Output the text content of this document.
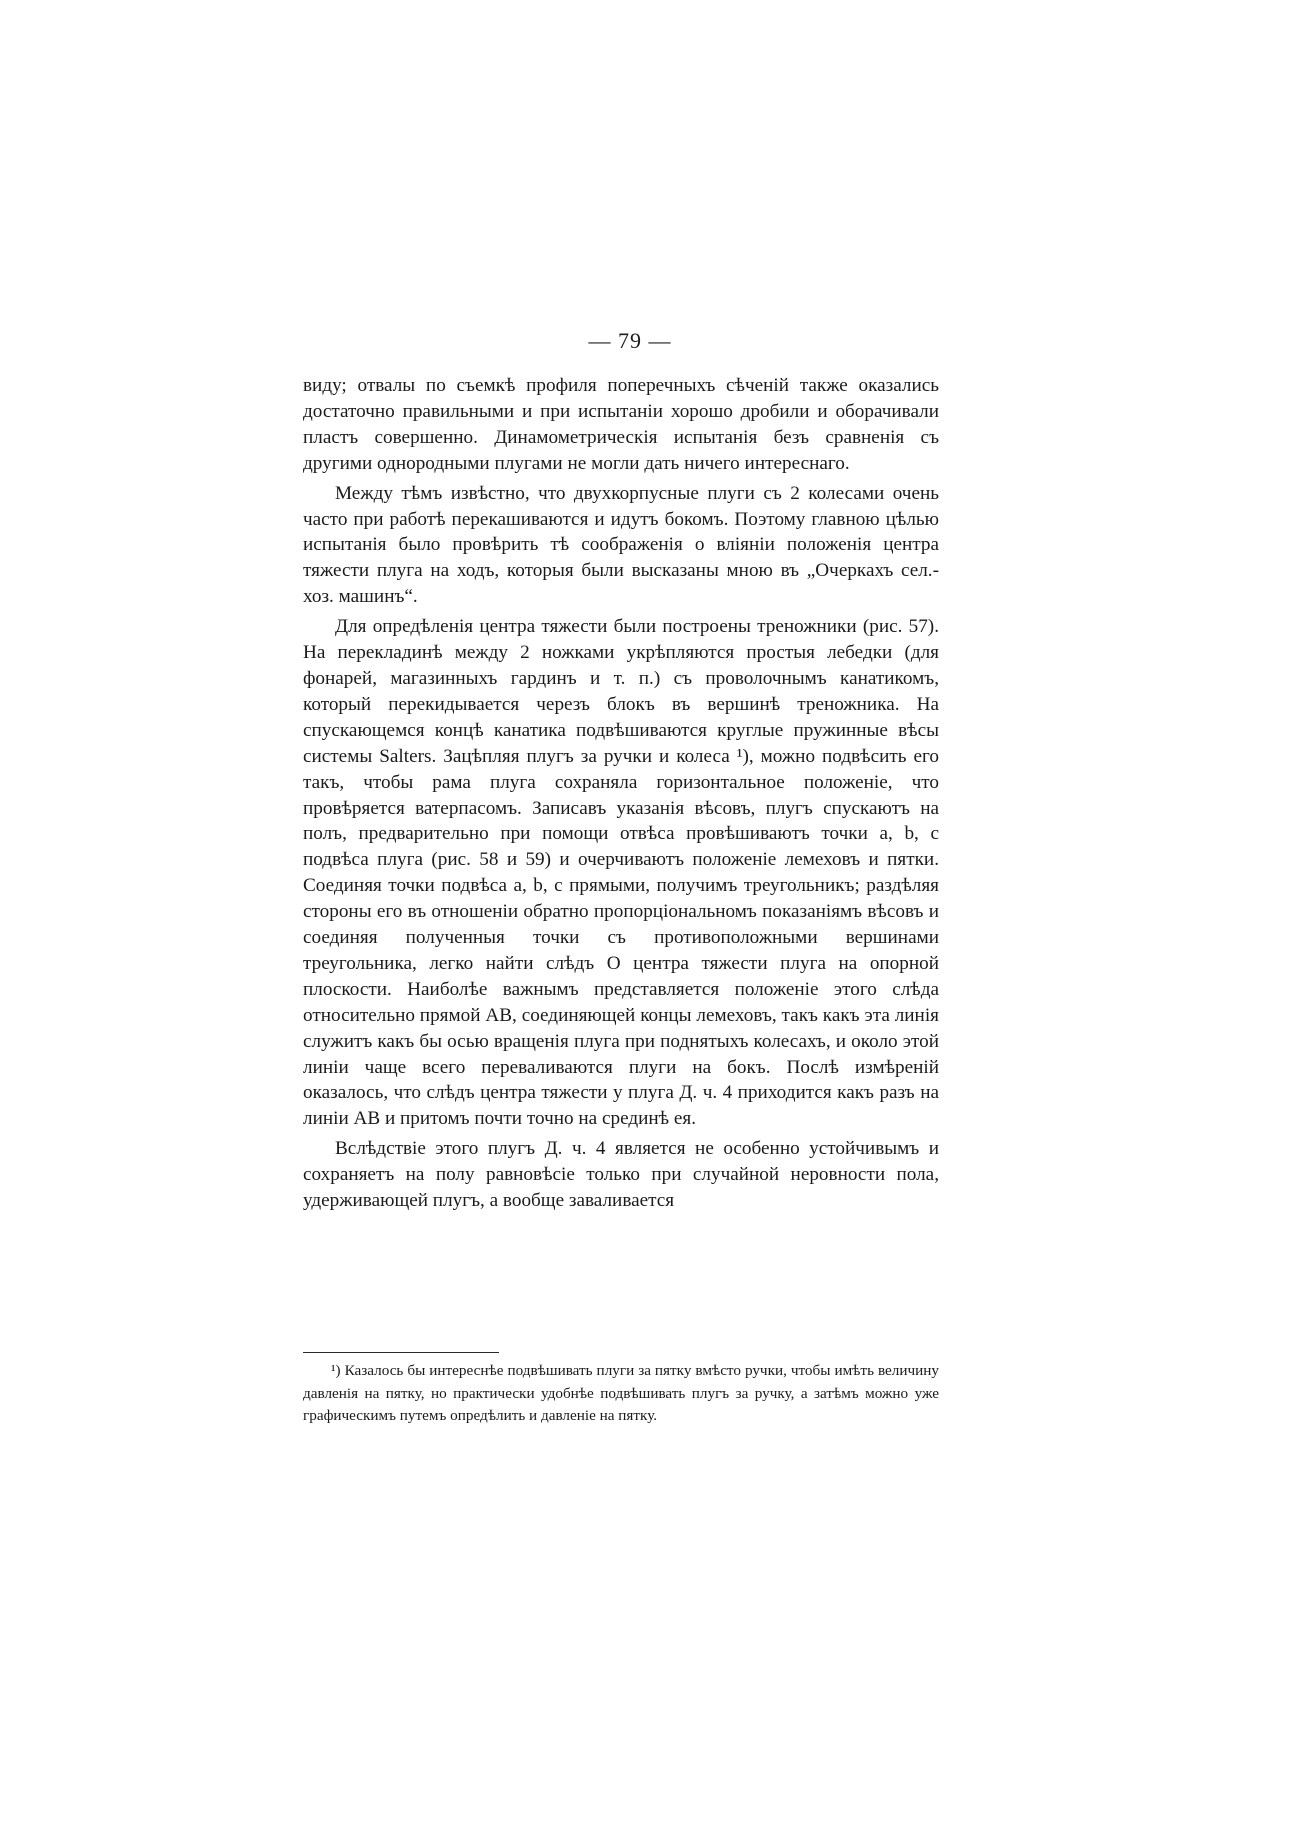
— 79 —

виду; отвалы по съемкѣ профиля поперечныхъ сѣченій также оказались достаточно правильными и при испытаніи хорошо дробили и оборачивали пластъ совершенно. Динамометрическія испытанія безъ сравненія съ другими однородными плугами не могли дать ничего интереснаго.

Между тѣмъ извѣстно, что двухкорпусные плуги съ 2 колесами очень часто при работѣ перекашиваются и идутъ бокомъ. Поэтому главною цѣлью испытанія было провѣрить тѣ соображенія о вліяніи положенія центра тяжести плуга на ходъ, которыя были высказаны мною въ „Очеркахъ сел.-хоз. машинъ“.

Для опредѣленія центра тяжести были построены треножники (рис. 57). На перекладинѣ между 2 ножками укрѣпляются простыя лебедки (для фонарей, магазинныхъ гардинъ и т. п.) съ проволочнымъ канатикомъ, который перекидывается черезъ блокъ въ вершинѣ треножника. На спускающемся концѣ канатика подвѣшиваются круглые пружинные вѣсы системы Salters. Зацѣпляя плугъ за ручки и колеса ¹), можно подвѣсить его такъ, чтобы рама плуга сохраняла горизонтальное положеніе, что провѣряется ватерпасомъ. Записавъ указанія вѣсовъ, плугъ спускаютъ на полъ, предварительно при помощи отвѣса провѣшиваютъ точки a, b, c подвѣса плуга (рис. 58 и 59) и очерчиваютъ положеніе лемеховъ и пятки. Соединяя точки подвѣса a, b, c прямыми, получимъ треугольникъ; раздѣляя стороны его въ отношеніи обратно пропорціональномъ показаніямъ вѣсовъ и соединяя полученныя точки съ противоположными вершинами треугольника, легко найти слѣдъ O центра тяжести плуга на опорной плоскости. Наиболѣе важнымъ представляется положеніе этого слѣда относительно прямой AB, соединяющей концы лемеховъ, такъ какъ эта линія служитъ какъ бы осью вращенія плуга при поднятыхъ колесахъ, и около этой линіи чаще всего переваливаются плуги на бокъ. Послѣ измѣреній оказалось, что слѣдъ центра тяжести у плуга Д. ч. 4 приходится какъ разъ на линіи AB и притомъ почти точно на срединѣ ея.

Вслѣдствіе этого плугъ Д. ч. 4 является не особенно устойчивымъ и сохраняетъ на полу равновѣсіе только при случайной неровности пола, удерживающей плугъ, а вообще заваливается

¹) Казалось бы интереснѣе подвѣшивать плуги за пятку вмѣсто ручки, чтобы имѣть величину давленія на пятку, но практически удобнѣе подвѣшивать плугъ за ручку, а затѣмъ можно уже графическимъ путемъ опредѣлить и давленіе на пятку.
